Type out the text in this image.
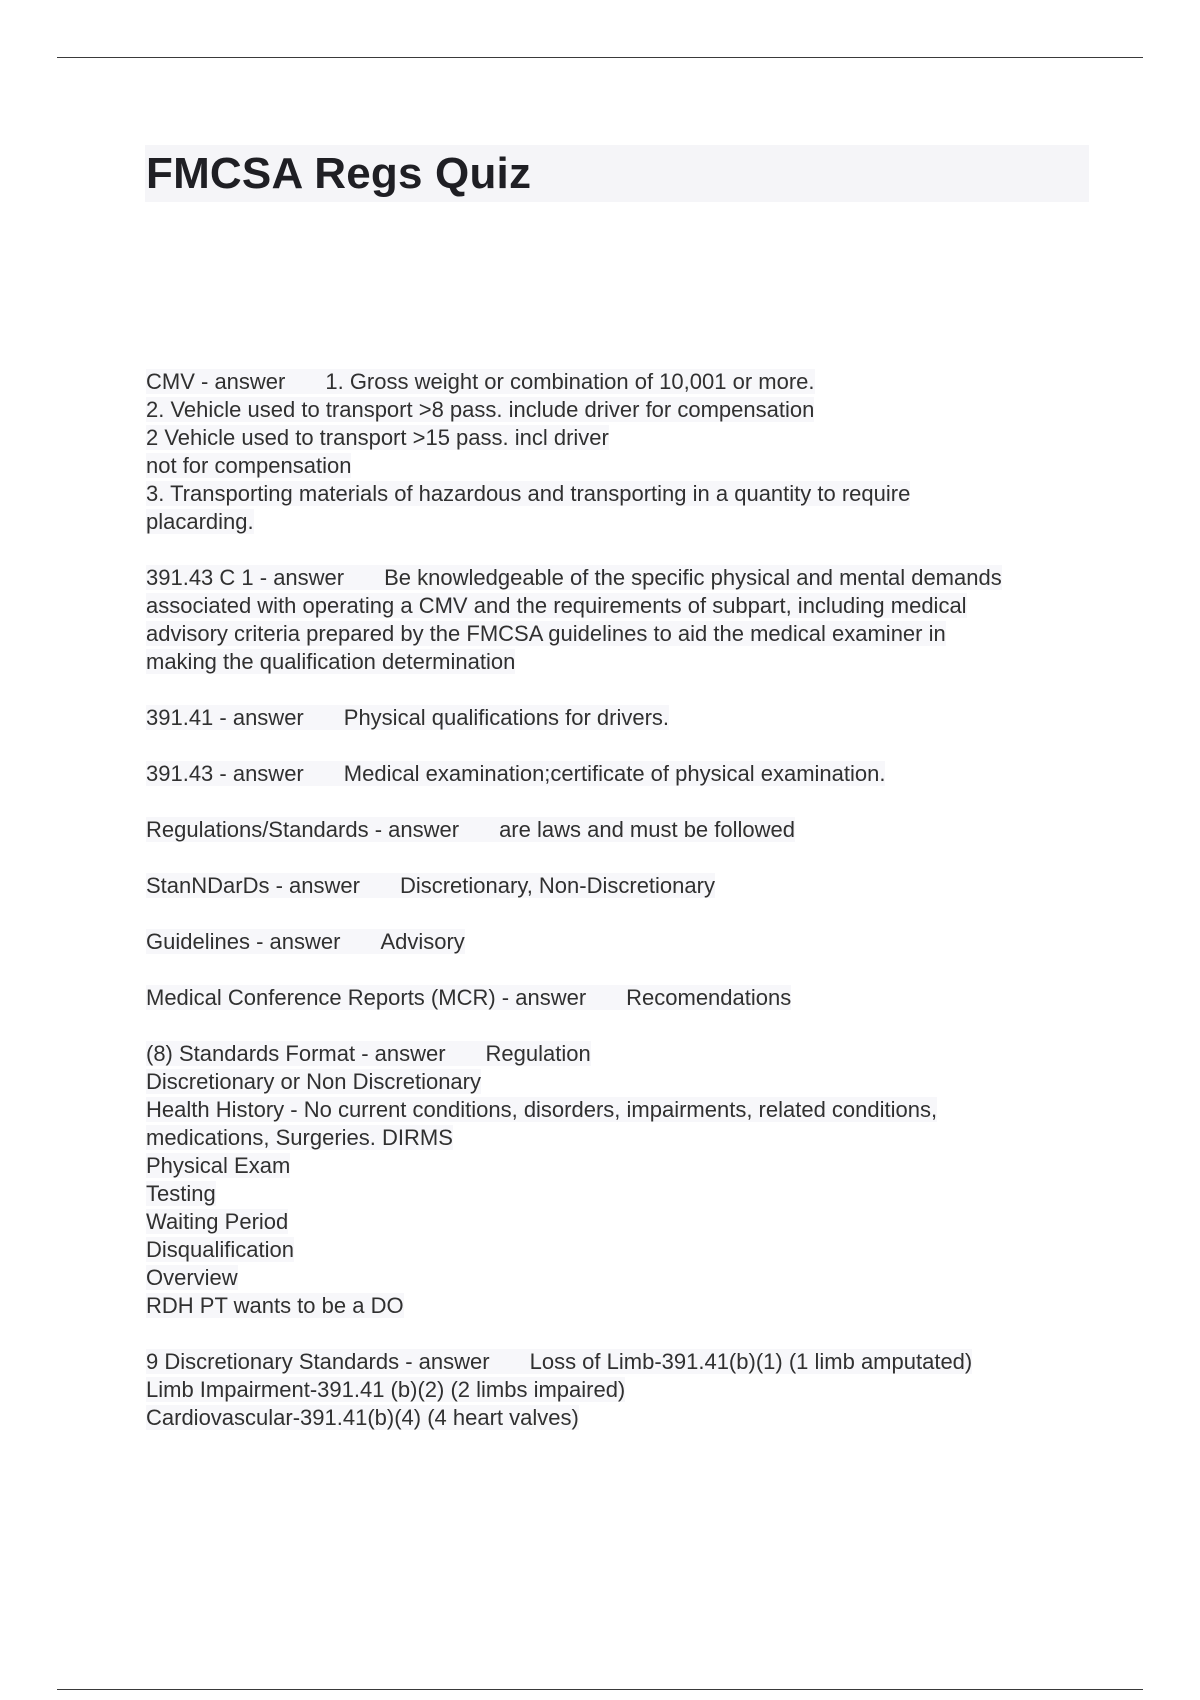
FMCSA Regs Quiz
CMV - answer 1. Gross weight or combination of 10,001 or more.
2. Vehicle used to transport >8 pass. include driver for compensation
2 Vehicle used to transport >15 pass. incl driver
not for compensation
3. Transporting materials of hazardous and transporting in a quantity to require
placarding.
391.43 C 1 - answer Be knowledgeable of the specific physical and mental demands
associated with operating a CMV and the requirements of subpart, including medical
advisory criteria prepared by the FMCSA guidelines to aid the medical examiner in
making the qualification determination
391.41 - answer Physical qualifications for drivers.
391.43 - answer Medical examination;certificate of physical examination.
Regulations/Standards - answer are laws and must be followed
StanNDarDs - answer Discretionary, Non-Discretionary
Guidelines - answer Advisory
Medical Conference Reports (MCR) - answer Recomendations
(8) Standards Format - answer Regulation
Discretionary or Non Discretionary
Health History - No current conditions, disorders, impairments, related conditions,
medications, Surgeries. DIRMS
Physical Exam
Testing
Waiting Period
Disqualification
Overview
RDH PT wants to be a DO
9 Discretionary Standards - answer Loss of Limb-391.41(b)(1) (1 limb amputated)
Limb Impairment-391.41 (b)(2) (2 limbs impaired)
Cardiovascular-391.41(b)(4) (4 heart valves)
